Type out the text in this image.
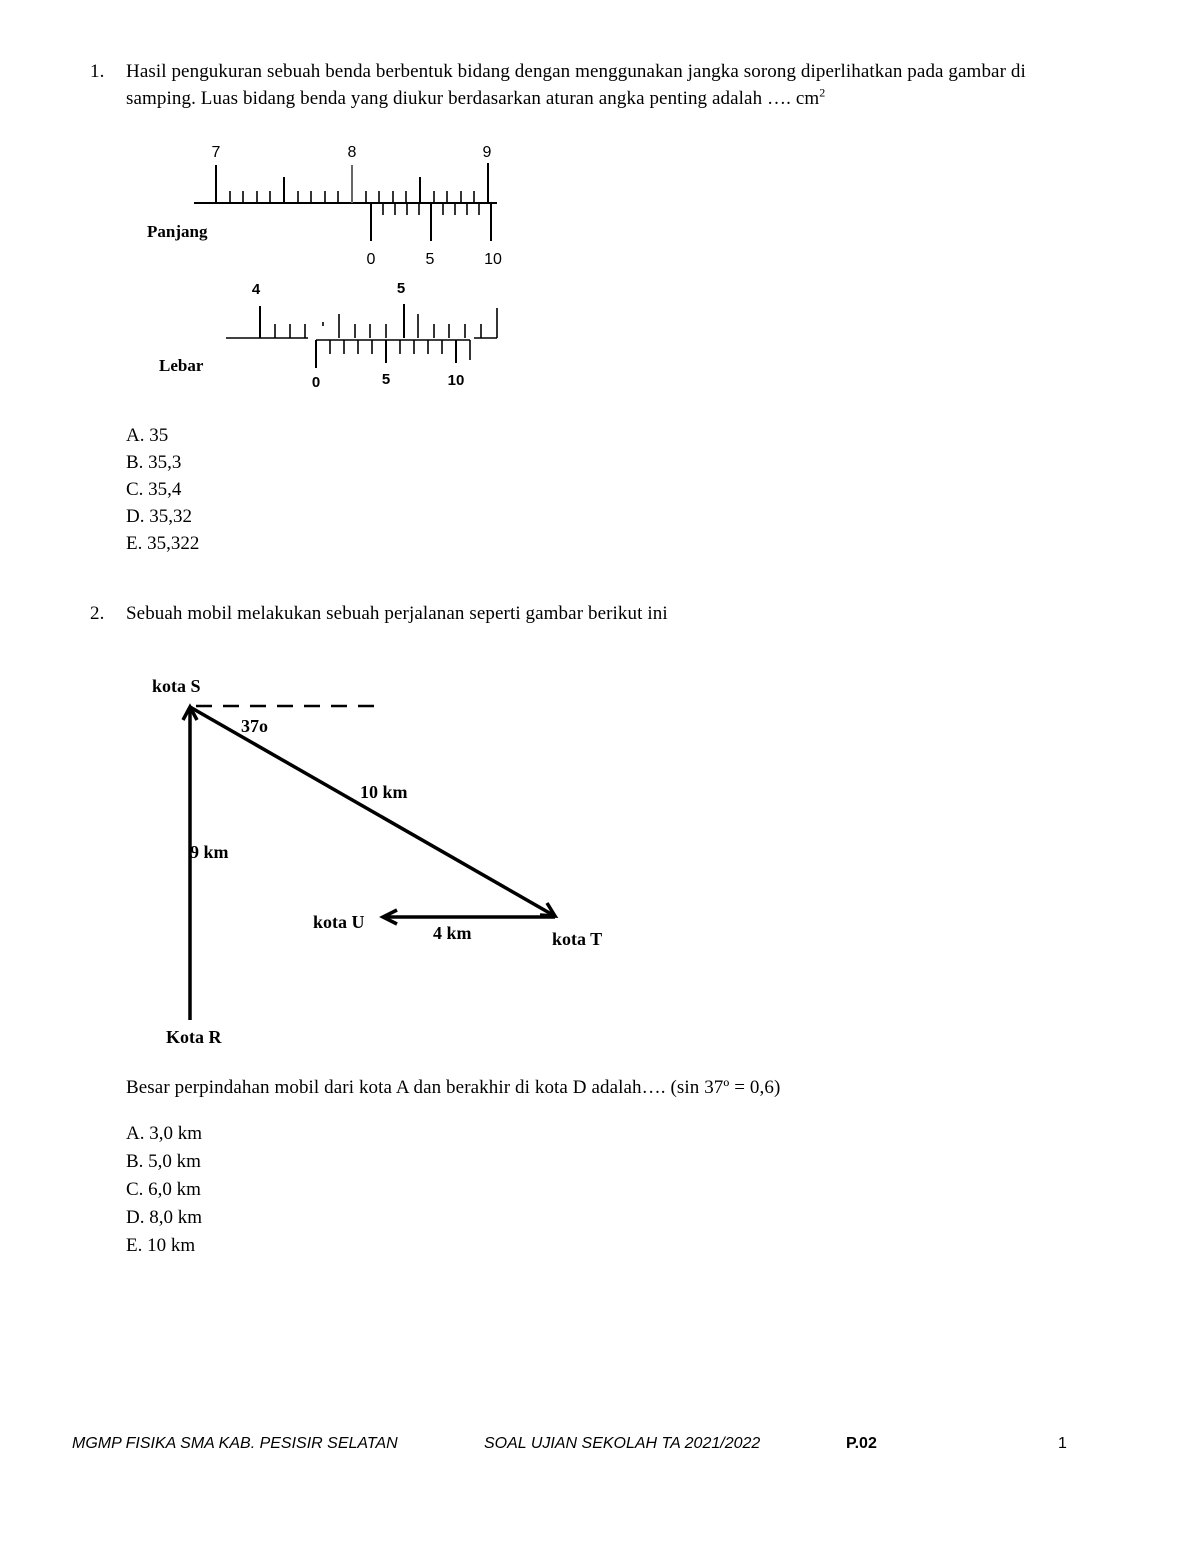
1. Hasil pengukuran sebuah benda berbentuk bidang dengan menggunakan jangka sorong diperlihatkan pada gambar di
samping. Luas bidang benda yang diukur berdasarkan aturan angka penting adalah …. $cm^2$
7	8	9
0	5	10
Panjang
4	5
0	5	10
Lebar
A. 35
B. 35,3
C. 35,4
D. 35,32
E. 35,322
2. Sebuah mobil melakukan sebuah perjalanan seperti gambar berikut ini
kota S
37o
10 km
9 km
kota U
4 km	kota T
Kota R
Besar perpindahan mobil dari kota A dan berakhir di kota D adalah…. (sin 37º = 0,6)
A. 3,0 km
B. 5,0 km
C. 6,0 km
D. 8,0 km
E. 10 km
MGMP FISIKA SMA KAB. PESISIR SELATAN	SOAL UJIAN SEKOLAH TA 2021/2022	P.02	1
